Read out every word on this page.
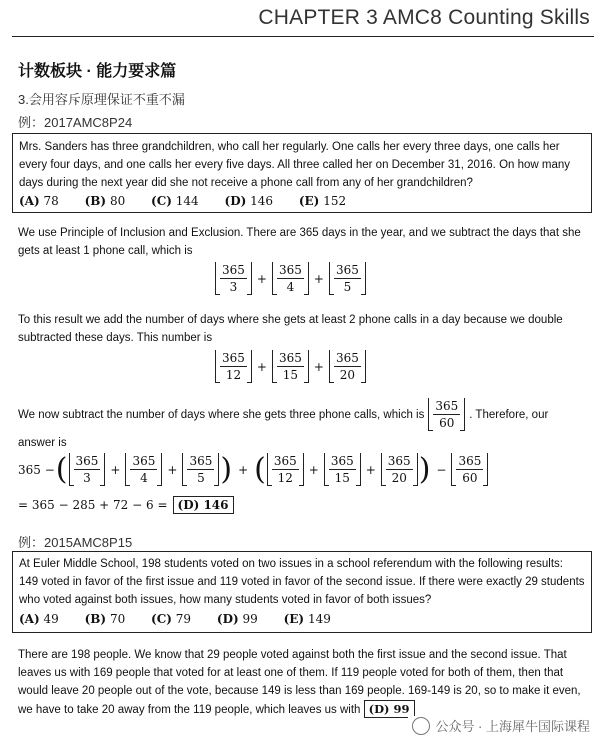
CHAPTER 3 AMC8 Counting Skills
计数板块 · 能力要求篇
3.会用容斥原理保证不重不漏
例：2017AMC8P24
Mrs. Sanders has three grandchildren, who call her regularly. One calls her every three days, one calls her every four days, and one calls her every five days. All three called her on December 31, 2016. On how many days during the next year did she not receive a phone call from any of her grandchildren?
(A) 78 (B) 80 (C) 144 (D) 146 (E) 152
We use Principle of Inclusion and Exclusion. There are 365 days in the year, and we subtract the days that she gets at least 1 phone call, which is
$\frac{365}{3} + \frac{365}{4} + \frac{365}{5}$
To this result we add the number of days where she gets at least 2 phone calls in a day because we double subtracted these days. This number is
$\frac{365}{12} + \frac{365}{15} + \frac{365}{20}$
We now subtract the number of days where she gets three phone calls, which is $\frac{365}{60}$ . Therefore, our
answer is
365 − ( $\frac{365}{3} + \frac{365}{4} + \frac{365}{5}$ ) + ( $\frac{365}{12} + \frac{365}{15} + \frac{365}{20}$ ) − $\frac{365}{60}$
= 365 − 285 + 72 − 6 = (D) 146
例：2015AMC8P15
At Euler Middle School, 198 students voted on two issues in a school referendum with the following results: 149 voted in favor of the first issue and 119 voted in favor of the second issue. If there were exactly 29 students who voted against both issues, how many students voted in favor of both issues?
(A) 49 (B) 70 (C) 79 (D) 99 (E) 149
There are 198 people. We know that 29 people voted against both the first issue and the second issue. That leaves us with 169 people that voted for at least one of them. If 119 people voted for both of them, then that would leave 20 people out of the vote, because 149 is less than 169 people. 169-149 is 20, so to make it even, we have to take 20 away from the 119 people, which leaves us with (D) 99
公众号 · 上海犀牛国际课程
